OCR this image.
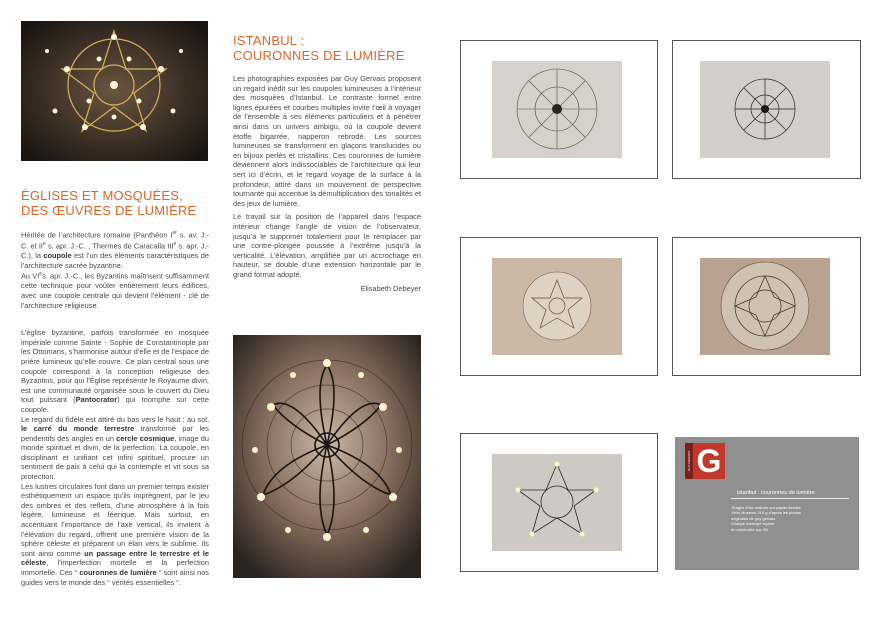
ÉGLISES ET MOSQUÉES,

DES ŒUVRES DE LUMIÈRE

Héritée de l’architecture romaine (Panthéon Ier s. av. J.-C. et IIe s. apr. J.-C. , Thermes de Caracalla IIIe s. apr. J.-C.), la coupole est l’un des éléments caractéristiques de l’architecture sacrée byzantine.

Au VIes. apr. J.-C., les Byzantins maîtrisent suffisamment cette technique pour voûter entièrement leurs édifices, avec une coupole centrale qui devient l’élément - clé de l’architecture religieuse.

L’église byzantine, parfois transformée en mosquée impériale comme Sainte - Sophie de Constantinople par les Ottomans, s’harmonise autour d’elle et de l’espace de prière lumineux qu’elle couvre. Ce plan central sous une coupole correspond à la conception religieuse des Byzantins, pour qui l’Église représente le Royaume divin, est une communauté organisée sous le couvert du Dieu tout puissant (Pantocrator) qui triomphe sur cette coupole.

Le regard du fidèle est attiré du bas vers le haut : au sol, le carré du monde terrestre transformé par les pendentifs des angles en un cercle cosmique, image du monde spirituel et divin, de la perfection. La coupole, en disciplinant et unifiant cet infini spirituel, procure un sentiment de paix à celui qui la contemple et vit sous sa protection.

Les lustres circulaires font dans un premier temps exister esthétiquement un espace qu’ils imprègnent, par le jeu des ombres et des reflets, d’une atmosphère à la fois légère, lumineuse et féerique. Mais surtout, en accentuant l’importance de l’axe vertical, ils invitent à l’élévation du regard, offrent une première vision de la sphère céleste et préparent un élan vers le sublime. Ils sont ainsi comme un passage entre le terrestre et le céleste, l’imperfection mortelle et la perfection immortelle. Ces “ couronnes de lumière “ sont ainsi nos guides vers le monde des “ vérités essentielles “.

ISTANBUL :

COURONNES DE LUMIÈRE

Les photographies exposées par Guy Gervais proposent un regard inédit sur les coupoles lumineuses à l’intérieur des mosquées d’Istanbul. Le contraste formel entre lignes épurées et courbes multiples invite l’œil à voyager de l’ensemble à ses éléments particuliers et à pénétrer ainsi dans un univers ambigu, où la coupole devient étoffe bigarrée, napperon rebrodé. Les sources lumineuses se transforment en glaçons translucides ou en bijoux perlés et cristallins. Ces couronnes de lumière deviennent alors indissociables de l’architecture qui leur sert ici d’écrin, et le regard voyage de la surface à la profondeur, attiré dans un mouvement de perspective tournante qui accentue la démultiplication des tonalités et des jeux de lumière.

Le travail sur la position de l’appareil dans l’espace intérieur change l’angle de vision de l’observateur, jusqu’à le supprimer totalement pour le remplacer par une contre-plongée poussée à l’extrême jusqu’à la verticalité. L’élévation, amplifiée par un accrochage en hauteur, se double d’une extension horizontale par le grand format adopté.

Elisabeth Debeyer

GUY GERVAIS G
istanbul : couronnes de lumière
Tirages d’Art réalisés sur papier Archès
Vélin Museum 315 g d’après les photos
originales de guy gervais
Chaque estampe signée
et numérotée sur /30.
